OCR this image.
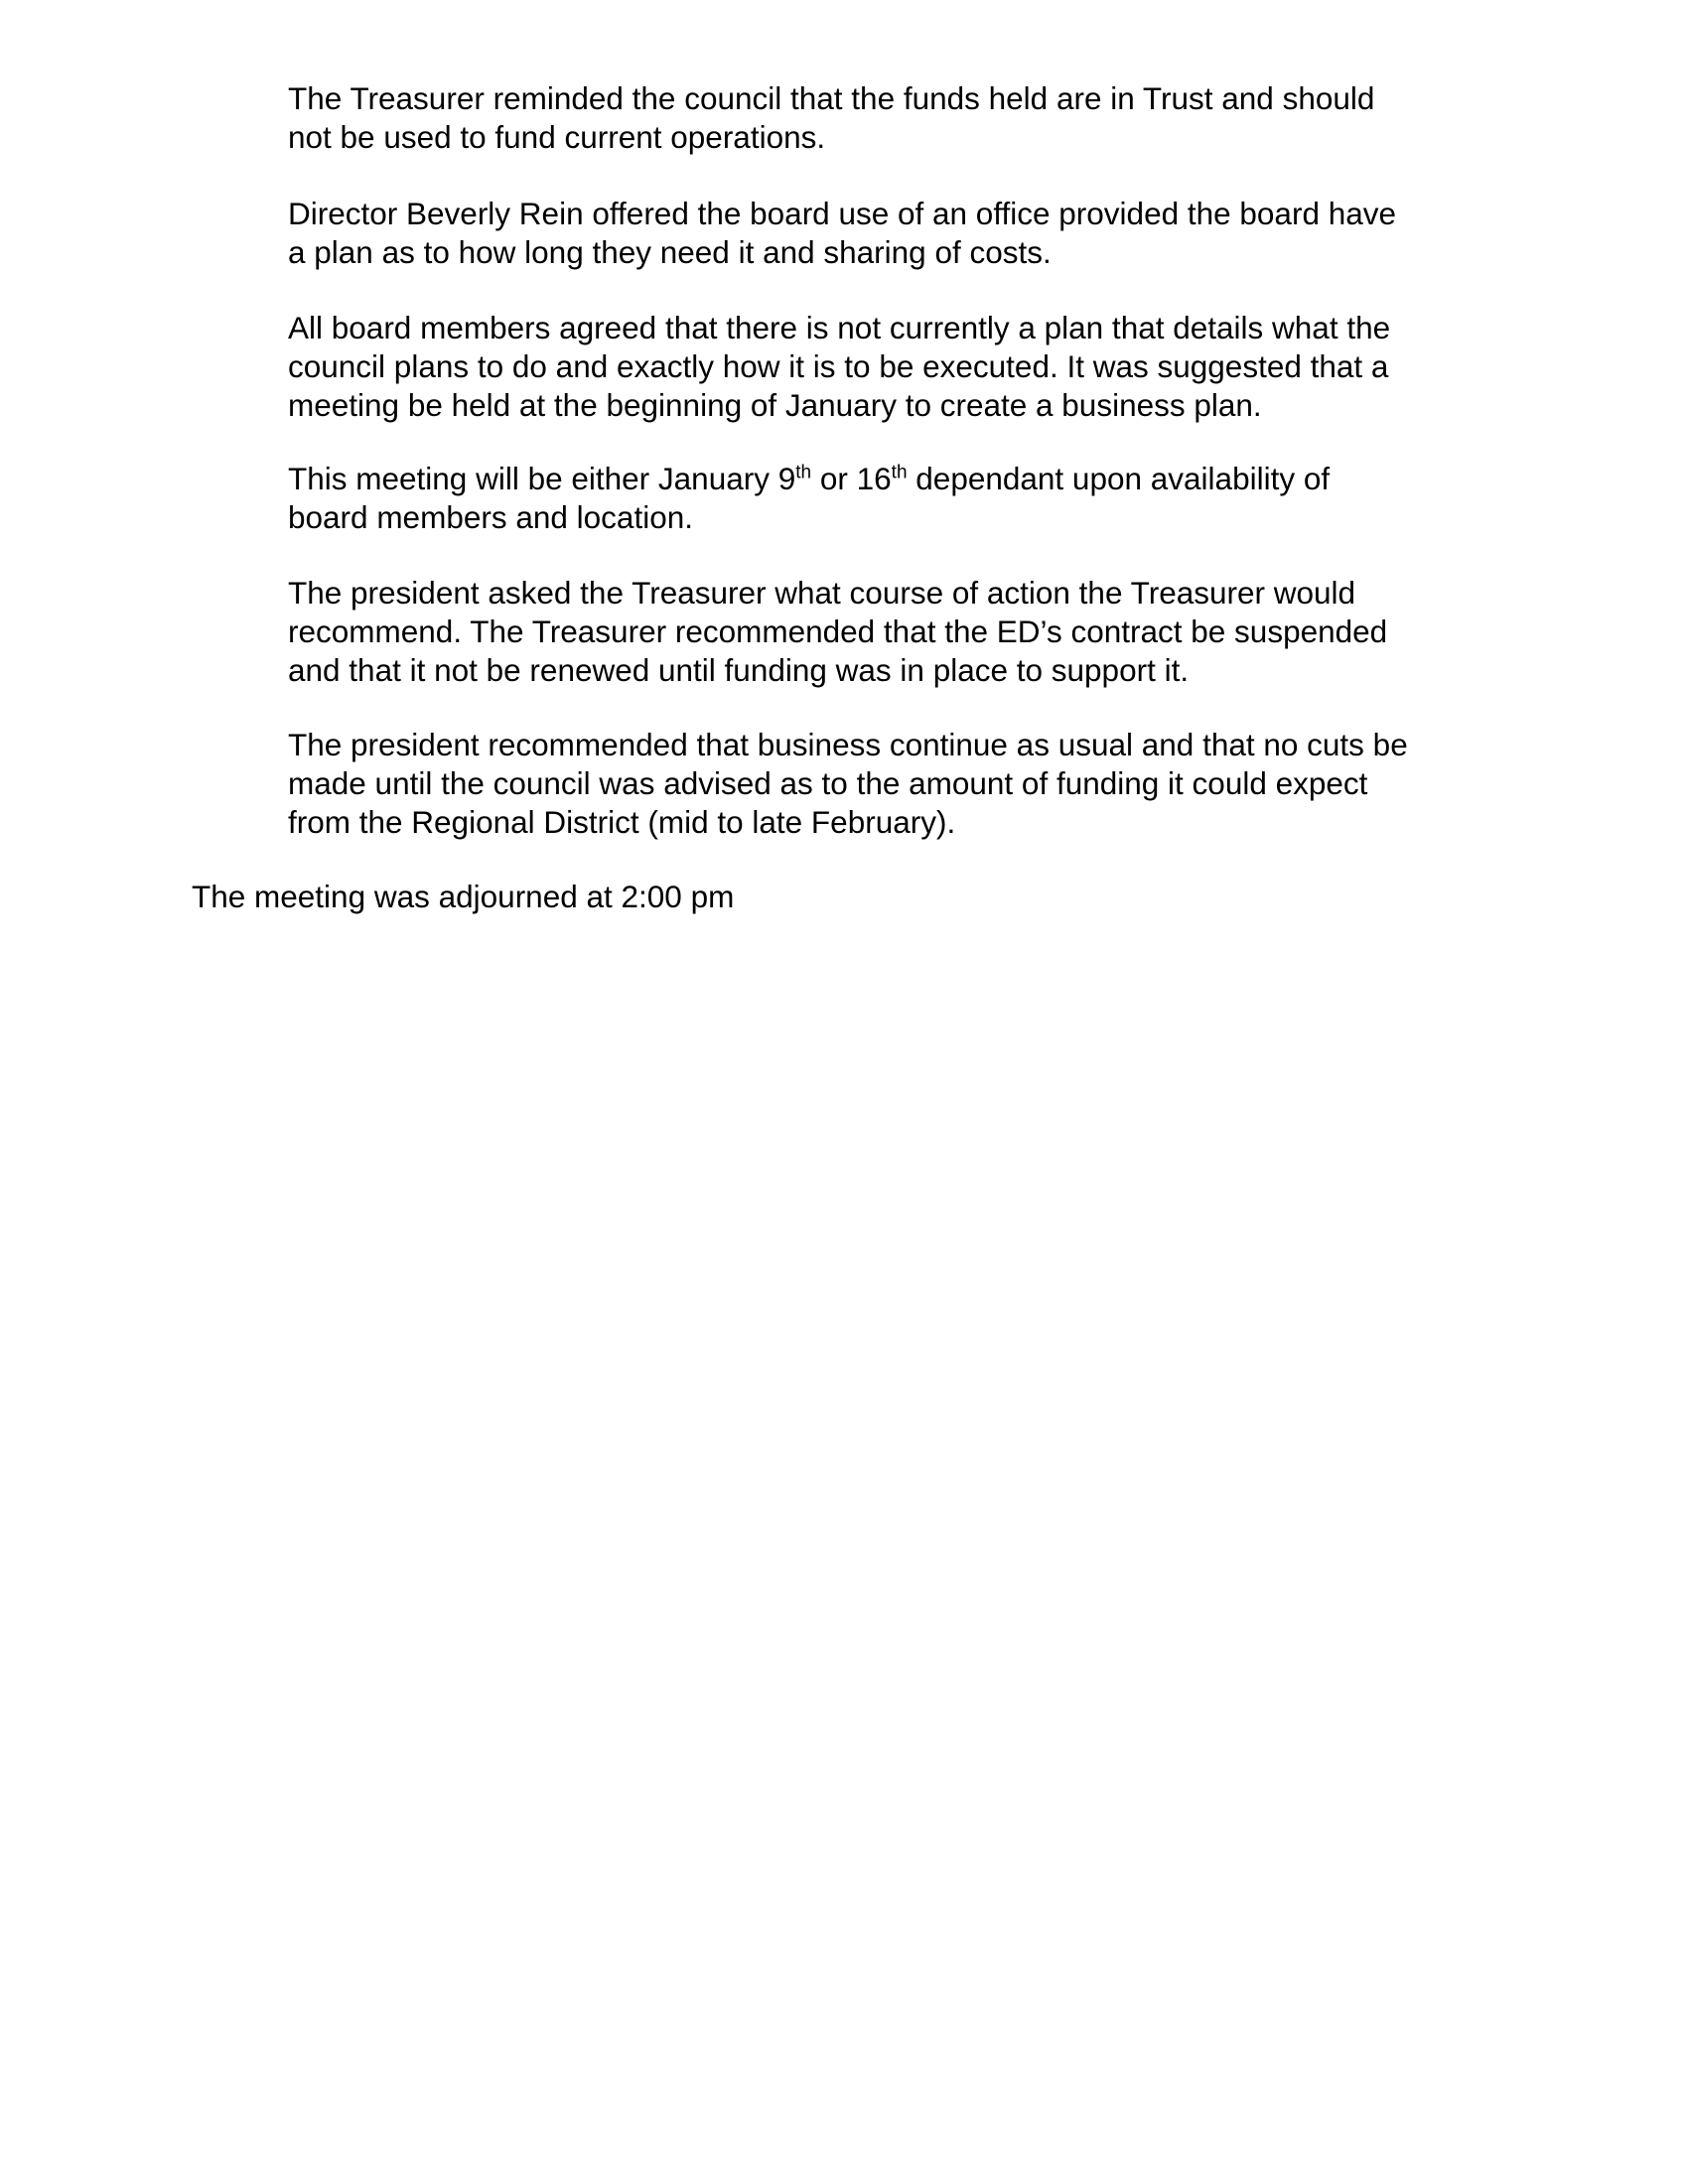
The Treasurer reminded the council that the funds held are in Trust and should
not be used to fund current operations.

Director Beverly Rein offered the board use of an office provided the board have
a plan as to how long they need it and sharing of costs.

All board members agreed that there is not currently a plan that details what the
council plans to do and exactly how it is to be executed. It was suggested that a
meeting be held at the beginning of January to create a business plan.

This meeting will be either January 9th or 16th dependant upon availability of
board members and location.

The president asked the Treasurer what course of action the Treasurer would
recommend. The Treasurer recommended that the ED’s contract be suspended
and that it not be renewed until funding was in place to support it.

The president recommended that business continue as usual and that no cuts be
made until the council was advised as to the amount of funding it could expect
from the Regional District (mid to late February).

The meeting was adjourned at 2:00 pm
